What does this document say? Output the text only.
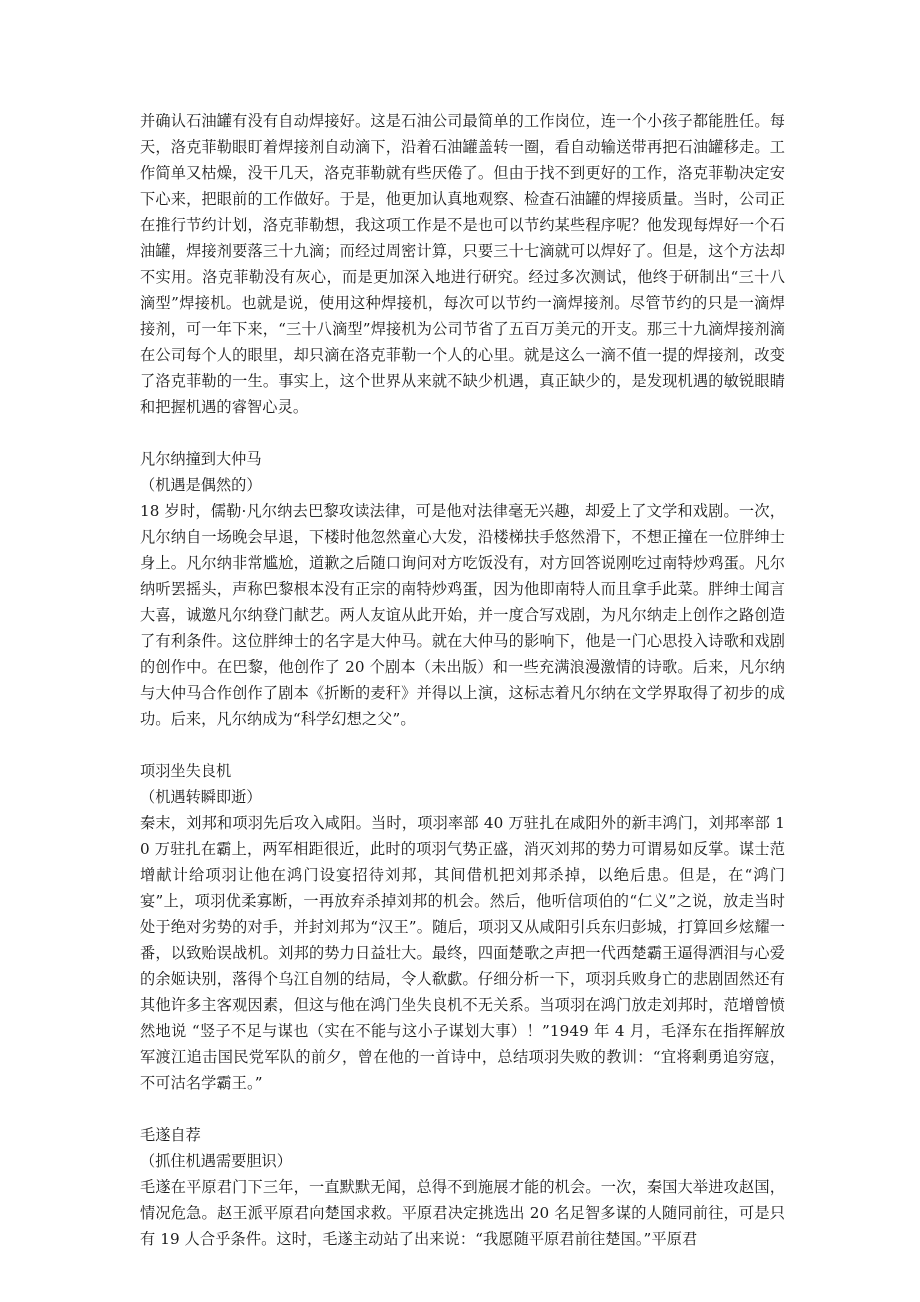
并确认石油罐有没有自动焊接好。这是石油公司最简单的工作岗位，连一个小孩子都能胜任。每天，洛克菲勒眼盯着焊接剂自动滴下，沿着石油罐盖转一圈，看自动输送带再把石油罐移走。工作简单又枯燥，没干几天，洛克菲勒就有些厌倦了。但由于找不到更好的工作，洛克菲勒决定安下心来，把眼前的工作做好。于是，他更加认真地观察、检查石油罐的焊接质量。当时，公司正在推行节约计划，洛克菲勒想，我这项工作是不是也可以节约某些程序呢？他发现每焊好一个石油罐，焊接剂要落三十九滴；而经过周密计算，只要三十七滴就可以焊好了。但是，这个方法却不实用。洛克菲勒没有灰心，而是更加深入地进行研究。经过多次测试，他终于研制出“三十八滴型”焊接机。也就是说，使用这种焊接机，每次可以节约一滴焊接剂。尽管节约的只是一滴焊接剂，可一年下来，“三十八滴型”焊接机为公司节省了五百万美元的开支。那三十九滴焊接剂滴在公司每个人的眼里，却只滴在洛克菲勒一个人的心里。就是这么一滴不值一提的焊接剂，改变了洛克菲勒的一生。事实上，这个世界从来就不缺少机遇，真正缺少的，是发现机遇的敏锐眼睛和把握机遇的睿智心灵。

凡尔纳撞到大仲马

（机遇是偶然的）

18 岁时，儒勒·凡尔纳去巴黎攻读法律，可是他对法律毫无兴趣，却爱上了文学和戏剧。一次，凡尔纳自一场晚会早退，下楼时他忽然童心大发，沿楼梯扶手悠然滑下，不想正撞在一位胖绅士身上。凡尔纳非常尴尬，道歉之后随口询问对方吃饭没有，对方回答说刚吃过南特炒鸡蛋。凡尔纳听罢摇头，声称巴黎根本没有正宗的南特炒鸡蛋，因为他即南特人而且拿手此菜。胖绅士闻言大喜，诚邀凡尔纳登门献艺。两人友谊从此开始，并一度合写戏剧，为凡尔纳走上创作之路创造了有利条件。这位胖绅士的名字是大仲马。就在大仲马的影响下，他是一门心思投入诗歌和戏剧的创作中。在巴黎，他创作了 20 个剧本（未出版）和一些充满浪漫激情的诗歌。后来，凡尔纳与大仲马合作创作了剧本《折断的麦秆》并得以上演，这标志着凡尔纳在文学界取得了初步的成功。后来，凡尔纳成为“科学幻想之父”。

项羽坐失良机

（机遇转瞬即逝）

秦末，刘邦和项羽先后攻入咸阳。当时，项羽率部 40 万驻扎在咸阳外的新丰鸿门，刘邦率部 10 万驻扎在霸上，两军相距很近，此时的项羽气势正盛，消灭刘邦的势力可谓易如反掌。谋士范增献计给项羽让他在鸿门设宴招待刘邦，其间借机把刘邦杀掉，以绝后患。但是，在“鸿门宴”上，项羽优柔寡断，一再放弃杀掉刘邦的机会。然后，他听信项伯的“仁义”之说，放走当时处于绝对劣势的对手，并封刘邦为“汉王”。随后，项羽又从咸阳引兵东归彭城，打算回乡炫耀一番，以致贻误战机。刘邦的势力日益壮大。最终，四面楚歌之声把一代西楚霸王逼得洒泪与心爱的余姬诀别，落得个乌江自刎的结局，令人欷歔。仔细分析一下，项羽兵败身亡的悲剧固然还有其他许多主客观因素，但这与他在鸿门坐失良机不无关系。当项羽在鸿门放走刘邦时，范增曾愤然地说 “竖子不足与谋也（实在不能与这小子谋划大事）！”1949 年 4 月，毛泽东在指挥解放军渡江追击国民党军队的前夕，曾在他的一首诗中，总结项羽失败的教训：“宜将剩勇追穷寇，不可沽名学霸王。”

毛遂自荐

（抓住机遇需要胆识）

毛遂在平原君门下三年，一直默默无闻，总得不到施展才能的机会。一次，秦国大举进攻赵国，情况危急。赵王派平原君向楚国求救。平原君决定挑选出 20 名足智多谋的人随同前往，可是只有 19 人合乎条件。这时，毛遂主动站了出来说：“我愿随平原君前往楚国。”平原君
